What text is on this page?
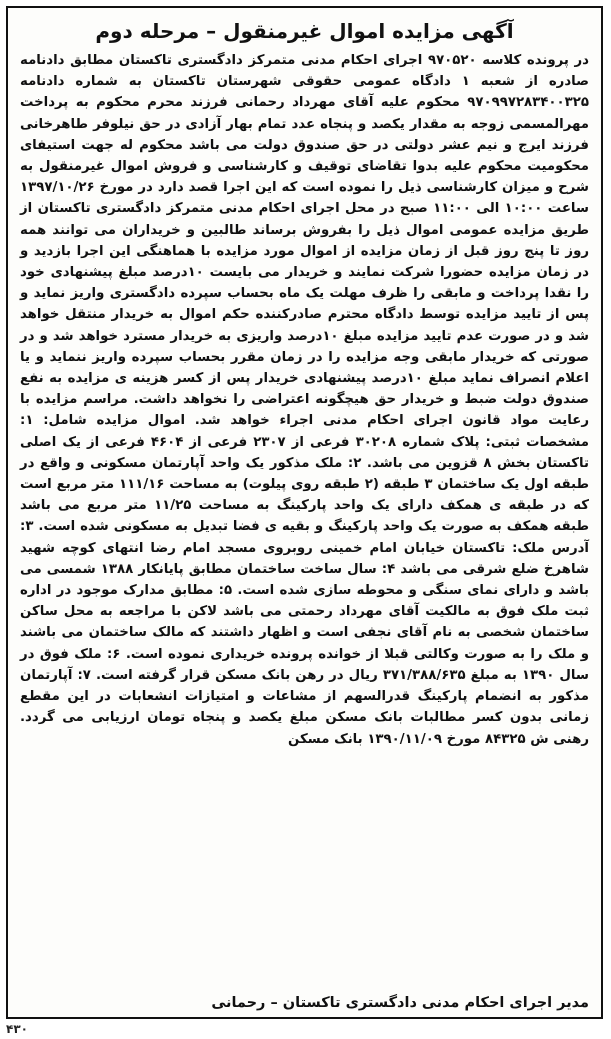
آگهی مزایده اموال غیرمنقول – مرحله دوم
در پرونده کلاسه ۹۷۰۵۲۰ اجرای احکام مدنی متمرکز دادگستری تاکستان مطابق دادنامه صادره از شعبه ۱ دادگاه عمومی حقوقی شهرستان تاکستان به شماره دادنامه ۹۷۰۹۹۷۲۸۳۴۰۰۳۲۵ محکوم علیه آقای مهرداد رحمانی فرزند محرم محکوم به پرداخت مهرالمسمی زوجه به مقدار یکصد و پنجاه عدد تمام بهار آزادی در حق نیلوفر طاهرخانی فرزند ایرج و نیم عشر دولتی در حق صندوق دولت می باشد محکوم له جهت استیفای محکومیت محکوم علیه بدوا تقاضای توقیف و کارشناسی و فروش اموال غیرمنقول به شرح و میزان کارشناسی ذیل را نموده است که این اجرا قصد دارد در مورخ ۱۳۹۷/۱۰/۲۶ ساعت ۱۰:۰۰ الی ۱۱:۰۰ صبح در محل اجرای احکام مدنی متمرکز دادگستری تاکستان از طریق مزایده عمومی اموال ذیل را بفروش برساند طالبین و خریداران می توانند همه روز تا پنج روز قبل از زمان مزایده از اموال مورد مزایده با هماهنگی این اجرا بازدید و در زمان مزایده حضورا شرکت نمایند و خریدار می بایست ۱۰درصد مبلغ پیشنهادی خود را نقدا پرداخت و مابقی را ظرف مهلت یک ماه بحساب سپرده دادگستری واریز نماید و پس از تایید مزایده توسط دادگاه محترم صادرکننده حکم اموال به خریدار منتقل خواهد شد و در صورت عدم تایید مزایده مبلغ ۱۰درصد واریزی به خریدار مسترد خواهد شد و در صورتی که خریدار مابقی وجه مزایده را در زمان مقرر بحساب سپرده واریز ننماید و یا اعلام انصراف نماید مبلغ ۱۰درصد پیشنهادی خریدار پس از کسر هزینه ی مزایده به نفع صندوق دولت ضبط و خریدار حق هیچگونه اعتراضی را نخواهد داشت. مراسم مزایده با رعایت مواد قانون اجرای احکام مدنی اجراء خواهد شد. اموال مزایده شامل: ۱: مشخصات ثبتی: پلاک شماره ۳۰۲۰۸ فرعی از ۲۳۰۷ فرعی از ۴۶۰۴ فرعی از یک اصلی تاکستان بخش ۸ قزوین می باشد. ۲: ملک مذکور یک واحد آپارتمان مسکونی و واقع در طبقه اول یک ساختمان ۳ طبقه (۲ طبقه روی پیلوت) به مساحت ۱۱۱/۱۶ متر مربع است که در طبقه ی همکف دارای یک واحد پارکینگ به مساحت ۱۱/۲۵ متر مربع می باشد طبقه همکف به صورت یک واحد پارکینگ و بقیه ی فضا تبدیل به مسکونی شده است. ۳: آدرس ملک: تاکستان خیابان امام خمینی روبروی مسجد امام رضا انتهای کوچه شهید شاهرخ ضلع شرقی می باشد ۴: سال ساخت ساختمان مطابق پایانکار ۱۳۸۸ شمسی می باشد و دارای نمای سنگی و محوطه سازی شده است. ۵: مطابق مدارک موجود در اداره ثبت ملک فوق به مالکیت آقای مهرداد رحمتی می باشد لاکن با مراجعه به محل ساکن ساختمان شخصی به نام آقای نجفی است و اظهار داشتند که مالک ساختمان می باشند و ملک را به صورت وکالتی قبلا از خوانده پرونده خریداری نموده است. ۶: ملک فوق در سال ۱۳۹۰ به مبلغ ۳۷۱/۳۸۸/۶۳۵ ریال در رهن بانک مسکن قرار گرفته است. ۷: آپارتمان مذکور به انضمام پارکینگ قدرالسهم از مشاعات و امتیازات انشعابات در این مقطع زمانی بدون کسر مطالبات بانک مسکن مبلغ یکصد و پنجاه تومان ارزیابی می گردد. رهنی ش ۸۴۳۲۵ مورخ ۱۳۹۰/۱۱/۰۹ بانک مسکن
مدیر اجرای احکام مدنی دادگستری تاکستان – رحمانی
۴۳۰
